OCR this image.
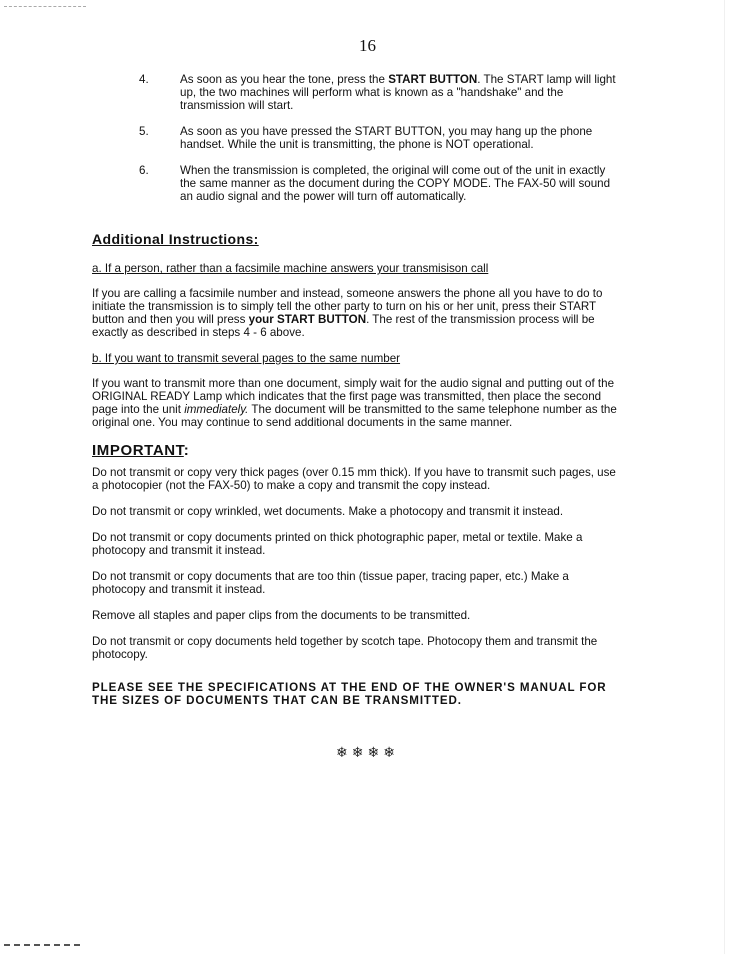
16
4.	As soon as you hear the tone, press the START BUTTON. The START lamp will light up, the two machines will perform what is known as a "handshake" and the transmission will start.
5.	As soon as you have pressed the START BUTTON, you may hang up the phone handset. While the unit is transmitting, the phone is NOT operational.
6.	When the transmission is completed, the original will come out of the unit in exactly the same manner as the document during the COPY MODE. The FAX-50 will sound an audio signal and the power will turn off automatically.
Additional Instructions:
a. If a person, rather than a facsimile machine answers your transmisison call

If you are calling a facsimile number and instead, someone answers the phone all you have to do to initiate the transmission is to simply tell the other party to turn on his or her unit, press their START button and then you will press your START BUTTON. The rest of the transmission process will be exactly as described in steps 4 - 6 above.

b. If you want to transmit several pages to the same number

If you want to transmit more than one document, simply wait for the audio signal and putting out of the ORIGINAL READY Lamp which indicates that the first page was transmitted, then place the second page into the unit immediately. The document will be transmitted to the same telephone number as the original one. You may continue to send additional documents in the same manner.

IMPORTANT:

Do not transmit or copy very thick pages (over 0.15 mm thick). If you have to transmit such pages, use a photocopier (not the FAX-50) to make a copy and transmit the copy instead.

Do not transmit or copy wrinkled, wet documents. Make a photocopy and transmit it instead.

Do not transmit or copy documents printed on thick photographic paper, metal or textile. Make a photocopy and transmit it instead.

Do not transmit or copy documents that are too thin (tissue paper, tracing paper, etc.) Make a photocopy and transmit it instead.

Remove all staples and paper clips from the documents to be transmitted.

Do not transmit or copy documents held together by scotch tape. Photocopy them and transmit the photocopy.

PLEASE SEE THE SPECIFICATIONS AT THE END OF THE OWNER'S MANUAL FOR THE SIZES OF DOCUMENTS THAT CAN BE TRANSMITTED.
❄❄❄❄
